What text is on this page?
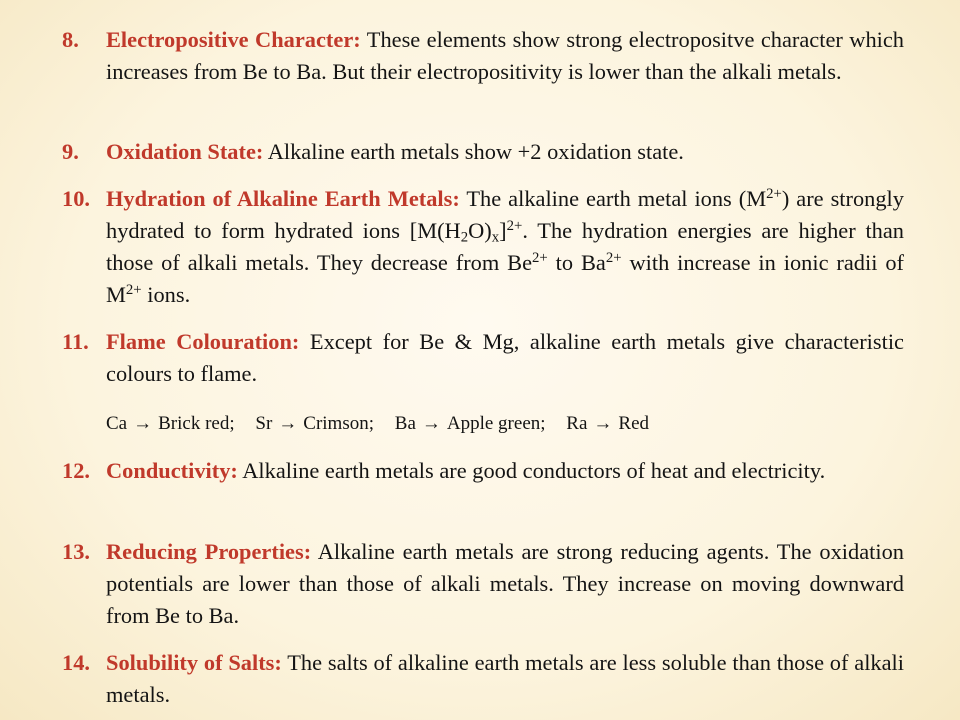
8.	Electropositive Character: These elements show strong electropositve character which increases from Be to Ba. But their electropositivity is lower than the alkali metals.
9.	Oxidation State: Alkaline earth metals show +2 oxidation state.
10. Hydration of Alkaline Earth Metals: The alkaline earth metal ions $(M^{2+})$ are strongly hydrated to form hydrated ions $[M(H_2O)_x]^{2+}$. The hydration energies are higher than those of alkali metals. They decrease from $Be^{2+}$ to $Ba^{2+}$ with increase in ionic radii of $M^{2+}$ ions.
11. Flame Colouration: Except for Be & Mg, alkaline earth metals give characteristic colours to flame.
Ca → Brick red; Sr → Crimson; Ba → Apple green; Ra → Red
12. Conductivity: Alkaline earth metals are good conductors of heat and electricity.
13. Reducing Properties: Alkaline earth metals are strong reducing agents. The oxidation potentials are lower than those of alkali metals. They increase on moving downward from Be to Ba.
14. Solubility of Salts: The salts of alkaline earth metals are less soluble than those of alkali metals.
